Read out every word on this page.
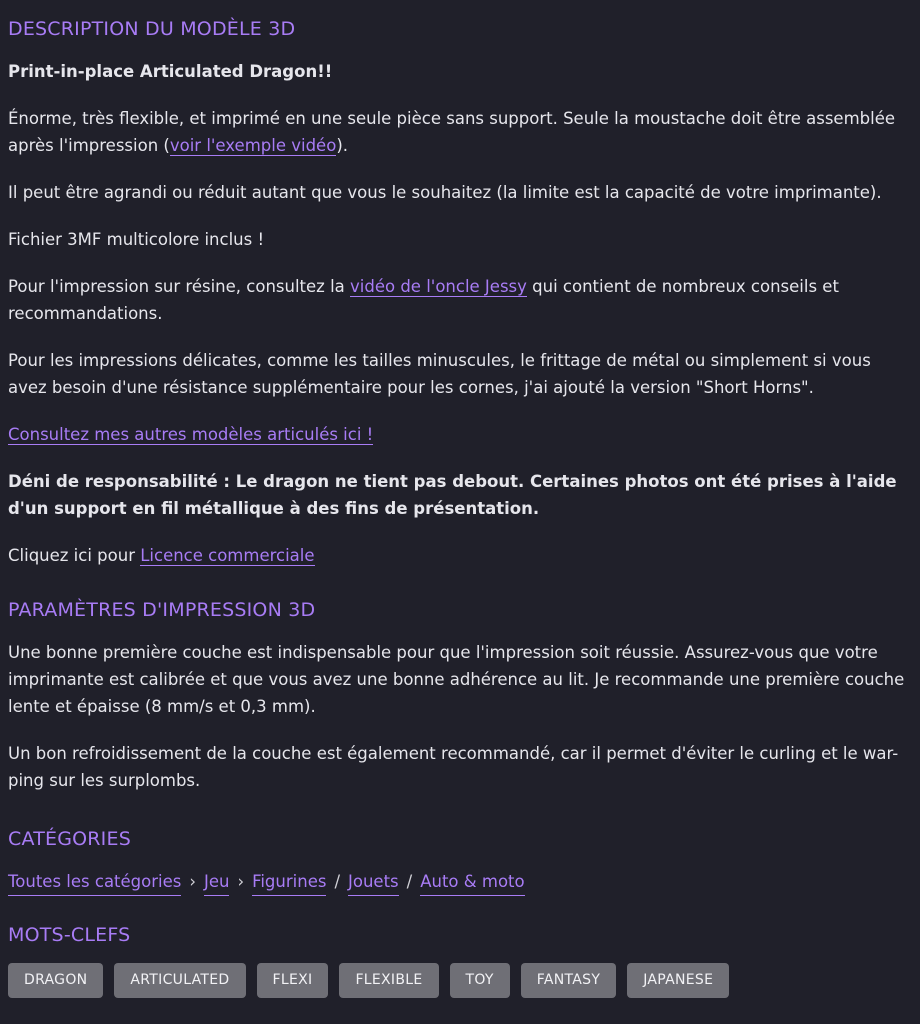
DESCRIPTION DU MODÈLE 3D

Print-in-place Articulated Dragon!!

Énorme, très flexible, et imprimé en une seule pièce sans support. Seule la moustache doit être assemblée après l'impression (voir l'exemple vidéo).

Il peut être agrandi ou réduit autant que vous le souhaitez (la limite est la capacité de votre imprimante).

Fichier 3MF multicolore inclus !

Pour l'impression sur résine, consultez la vidéo de l'oncle Jessy qui contient de nombreux conseils et recommandations.

Pour les impressions délicates, comme les tailles minuscules, le frittage de métal ou simplement si vous avez besoin d'une résistance supplémentaire pour les cornes, j'ai ajouté la version "Short Horns".

Consultez mes autres modèles articulés ici !

Déni de responsabilité : Le dragon ne tient pas debout. Certaines photos ont été prises à l'aide d'un support en fil métallique à des fins de présentation.

Cliquez ici pour Licence commerciale

PARAMÈTRES D'IMPRESSION 3D

Une bonne première couche est indispensable pour que l'impression soit réussie. Assurez-vous que votre imprimante est calibrée et que vous avez une bonne adhérence au lit. Je recommande une première couche lente et épaisse (8 mm/s et 0,3 mm).

Un bon refroidissement de la couche est également recommandé, car il permet d'éviter le curling et le war-ping sur les surplombs.

CATÉGORIES
Toutes les catégories › Jeu › Figurines / Jouets / Auto & moto
MOTS-CLEFS
DRAGON	ARTICULATED	FLEXI	FLEXIBLE	TOY	FANTASY	JAPANESE
